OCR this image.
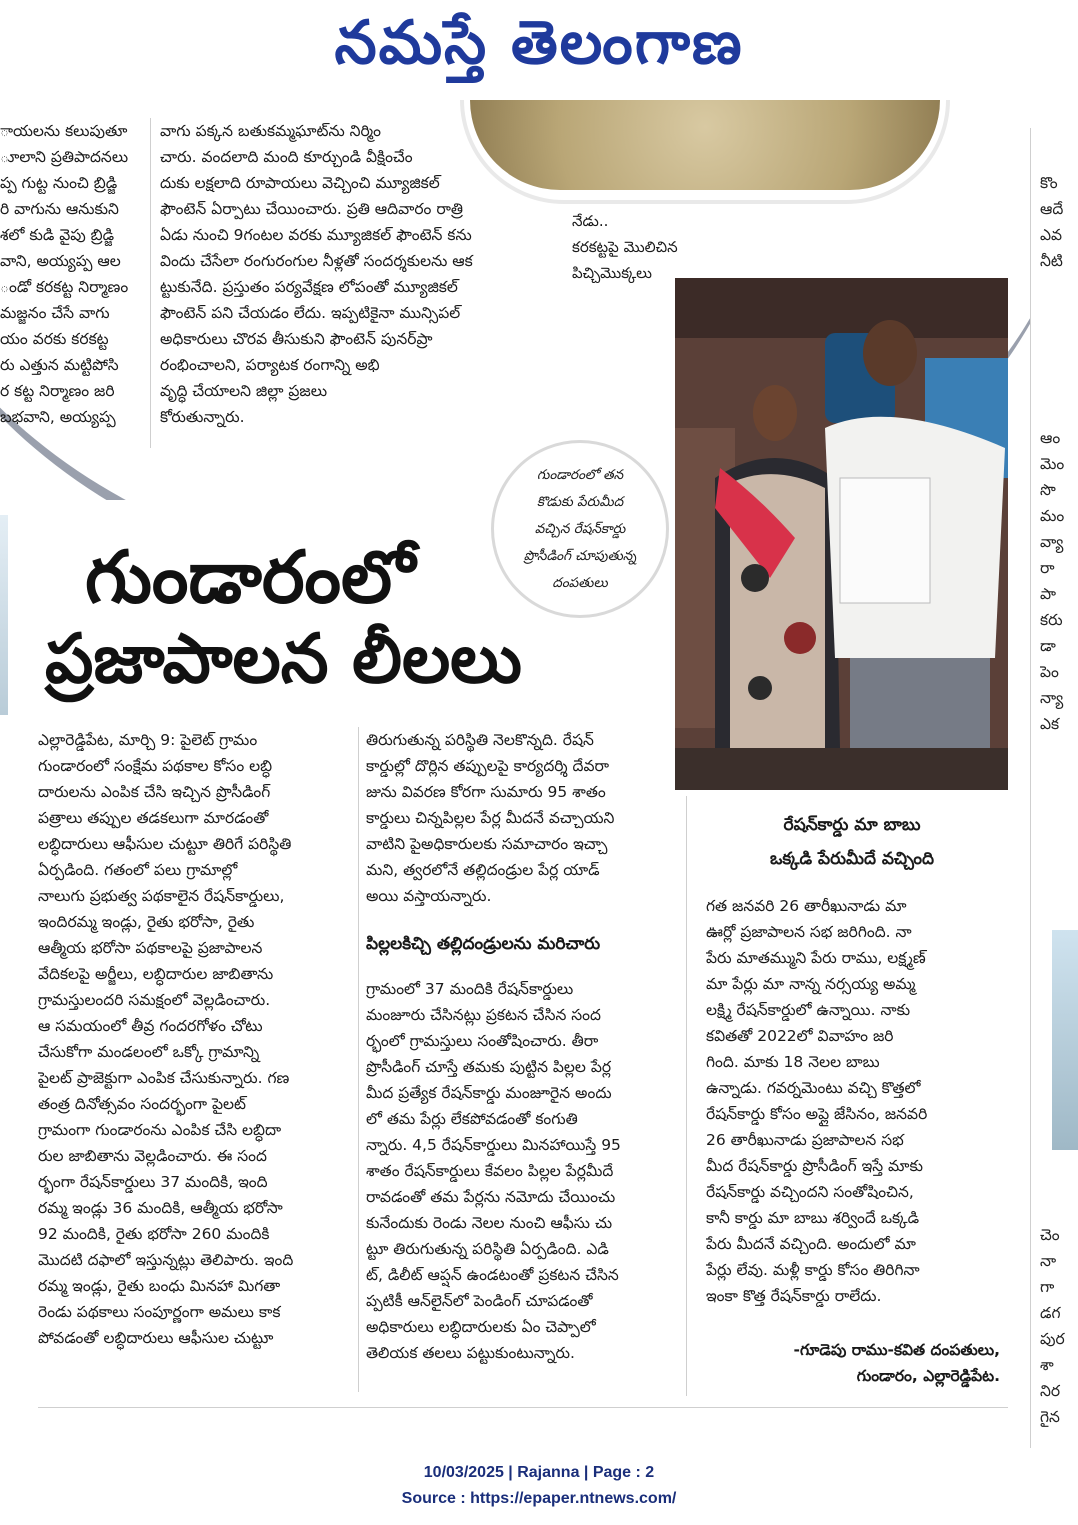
నమస్తే తెలంగాణ
ాయలను కలుపుతూ
ూలాని ప్రతిపాదనలు
ప్ప గుట్ట నుంచి బ్రిడ్జి
రి వాగును ఆనుకుని
శలో కుడి వైపు బ్రిడ్జి
వాని, అయ్యప్ప ఆల
ండో కరకట్ట నిర్మాణం
మజ్జనం చేసే వాగు
యం వరకు కరకట్ట
రు ఎత్తున మట్టిపోసి
ర కట్ట నిర్మాణం జరి
బభవాని, అయ్యప్ప
వాగు పక్కన బతుకమ్మఘాట్‌ను నిర్మిం
చారు. వందలాది మంది కూర్చుండి వీక్షించేం
దుకు లక్షలాది రూపాయలు వెచ్చించి మ్యూజికల్
ఫౌంటెన్ ఏర్పాటు చేయించారు. ప్రతి ఆదివారం రాత్రి
ఏడు నుంచి 9గంటల వరకు మ్యూజికల్ ఫౌంటెన్ కను
విందు చేసేలా రంగురంగుల నీళ్లతో సందర్శకులను ఆక
ట్టుకునేది. ప్రస్తుతం పర్యవేక్షణ లోపంతో మ్యూజికల్
ఫౌంటెన్ పని చేయడం లేదు. ఇప్పటికైనా మున్సిపల్
అధికారులు చొరవ తీసుకుని ఫౌంటెన్ పునర్‌ప్రా
రంభించాలని, పర్యాటక రంగాన్ని అభి
వృద్ధి చేయాలని జిల్లా ప్రజలు
కోరుతున్నారు.
నేడు..
కరకట్టపై మొలిచిన
పిచ్చిమొక్కలు
కొం
ఆదే
ఎవ
నీటి
ఆం
మెం
సొ
మం
వ్యా
రా
పా
కరు
డా
పెం
న్యా
ఎక
చెం
నా
గా
డగ
పుర
శా
నిర
గైన
గుండారంలో తన
కొడుకు పేరుమీద
వచ్చిన రేషన్‌కార్డు
ప్రొసీడింగ్ చూపుతున్న
దంపతులు
గుండారంలో
ప్రజాపాలన లీలలు
ఎల్లారెడ్డిపేట, మార్చి 9: పైలెట్ గ్రామం
గుండారంలో సంక్షేమ పథకాల కోసం లబ్ధి
దారులను ఎంపిక చేసి ఇచ్చిన ప్రొసీడింగ్
పత్రాలు తప్పుల తడకలుగా మారడంతో
లబ్ధిదారులు ఆఫీసుల చుట్టూ తిరిగే పరిస్థితి
ఏర్పడింది. గతంలో పలు గ్రామాల్లో
నాలుగు ప్రభుత్వ పథకాలైన రేషన్‌కార్డులు,
ఇందిరమ్మ ఇండ్లు, రైతు భరోసా, రైతు
ఆత్మీయ భరోసా పథకాలపై ప్రజాపాలన
వేదికలపై అర్జీలు, లబ్ధిదారుల జాబితాను
గ్రామస్తులందరి సమక్షంలో వెల్లడించారు.
ఆ సమయంలో తీవ్ర గందరగోళం చోటు
చేసుకోగా మండలంలో ఒక్కో గ్రామాన్ని
పైలట్ ప్రాజెక్టుగా ఎంపిక చేసుకున్నారు. గణ
తంత్ర దినోత్సవం సందర్భంగా పైలట్
గ్రామంగా గుండారంను ఎంపిక చేసి లబ్ధిదా
రుల జాబితాను వెల్లడించారు. ఈ సంద
ర్భంగా రేషన్‌కార్డులు 37 మందికి, ఇంది
రమ్మ ఇండ్లు 36 మందికి, ఆత్మీయ భరోసా
92 మందికి, రైతు భరోసా 260 మందికి
మొదటి దఫాలో ఇస్తున్నట్లు తెలిపారు. ఇంది
రమ్మ ఇండ్లు, రైతు బంధు మినహా మిగతా
రెండు పథకాలు సంపూర్ణంగా అమలు కాక
పోవడంతో లబ్ధిదారులు ఆఫీసుల చుట్టూ
తిరుగుతున్న పరిస్థితి నెలకొన్నది. రేషన్
కార్డుల్లో దొర్లిన తప్పులపై కార్యదర్శి దేవరా
జును వివరణ కోరగా సుమారు 95 శాతం
కార్డులు చిన్నపిల్లల పేర్ల మీదనే వచ్చాయని
వాటిని పైఅధికారులకు సమాచారం ఇచ్చా
మని, త్వరలోనే తల్లిదండ్రుల పేర్ల యాడ్
అయి వస్తాయన్నారు.
పిల్లలకిచ్చి తల్లిదండ్రులను మరిచారు
గ్రామంలో 37 మందికి రేషన్‌కార్డులు
మంజూరు చేసినట్లు ప్రకటన చేసిన సంద
ర్భంలో గ్రామస్తులు సంతోషించారు. తీరా
ప్రొసీడింగ్ చూస్తే తమకు పుట్టిన పిల్లల పేర్ల
మీద ప్రత్యేక రేషన్‌కార్డు మంజూరైన అందు
లో తమ పేర్లు లేకపోవడంతో కంగుతి
న్నారు. 4,5 రేషన్‌కార్డులు మినహాయిస్తే 95
శాతం రేషన్‌కార్డులు కేవలం పిల్లల పేర్లమీదే
రావడంతో తమ పేర్లను నమోదు చేయించు
కునేందుకు రెండు నెలల నుంచి ఆఫీసు చు
ట్టూ తిరుగుతున్న పరిస్థితి ఏర్పడింది. ఎడి
ట్, డిలీట్ ఆప్షన్ ఉండటంతో ప్రకటన చేసిన
ప్పటికీ ఆన్‌లైన్‌లో పెండింగ్ చూపడంతో
అధికారులు లబ్ధిదారులకు ఏం చెప్పాలో
తెలియక తలలు పట్టుకుంటున్నారు.
రేషన్‌కార్డు మా బాబు
ఒక్కడి పేరుమీదే వచ్చింది
గత జనవరి 26 తారీఖునాడు మా
ఊర్లో ప్రజాపాలన సభ జరిగింది. నా
పేరు మాతమ్ముని పేరు రాము, లక్ష్మణ్
మా పేర్లు మా నాన్న నర్సయ్య అమ్మ
లక్ష్మి రేషన్‌కార్డులో ఉన్నాయి. నాకు
కవితతో 2022లో వివాహం జరి
గింది. మాకు 18 నెలల బాబు
ఉన్నాడు. గవర్నమెంటు వచ్చి కొత్తలో
రేషన్‌కార్డు కోసం అప్లై జేసినం, జనవరి
26 తారీఖునాడు ప్రజాపాలన సభ
మీద రేషన్‌కార్డు ప్రొసీడింగ్ ఇస్తే మాకు
రేషన్‌కార్డు వచ్చిందని సంతోషించిన,
కానీ కార్డు మా బాబు శర్విందే ఒక్కడి
పేరు మీదనే వచ్చింది. అందులో మా
పేర్లు లేవు. మళ్లీ కార్డు కోసం తిరిగినా
ఇంకా కొత్త రేషన్‌కార్డు రాలేదు.
-గూడెపు రాము-కవిత దంపతులు,
గుండారం, ఎల్లారెడ్డిపేట.
10/03/2025 | Rajanna | Page : 2
Source : https://epaper.ntnews.com/
